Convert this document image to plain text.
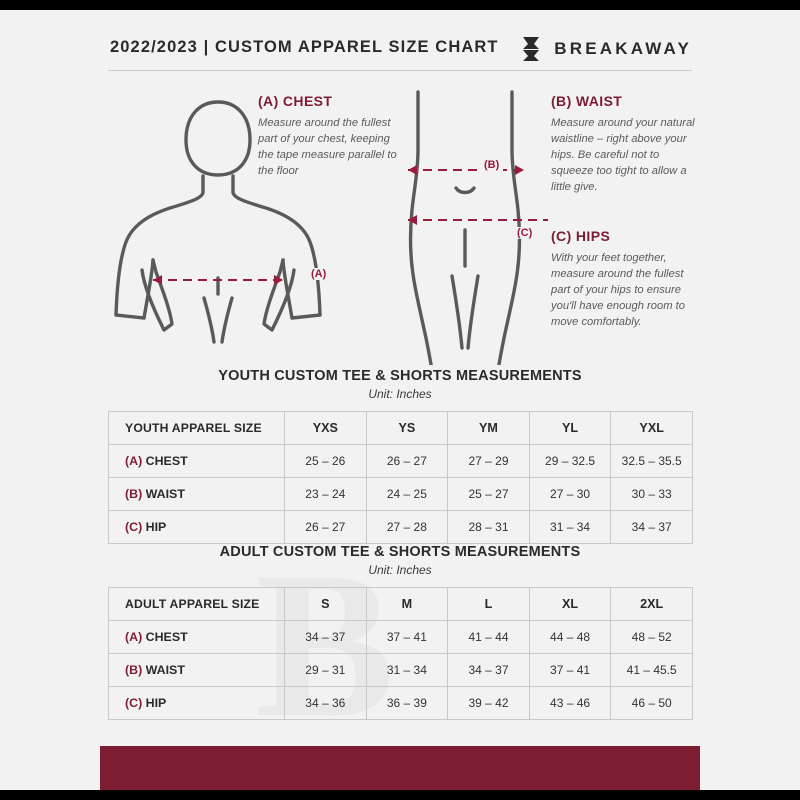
2022/2023 | CUSTOM APPAREL SIZE CHART	BREAKAWAY
(A)
(B)
(C)
(A) CHEST
Measure around the fullest part of your chest, keeping the tape measure parallel to the floor
(B) WAIST
Measure around your natural waistline – right above your hips. Be careful not to squeeze too tight to allow a little give.
(C) HIPS
With your feet together, measure around the fullest part of your hips to ensure you'll have enough room to move comfortably.
YOUTH CUSTOM TEE & SHORTS MEASUREMENTS
Unit: Inches
YOUTH APPAREL SIZE	YXS	YS	YM	YL	YXL
(A) CHEST	25 – 26	26 – 27	27 – 29	29 – 32.5	32.5 – 35.5
(B) WAIST	23 – 24	24 – 25	25 – 27	27 – 30	30 – 33
(C) HIP	26 – 27	27 – 28	28 – 31	31 – 34	34 – 37
ADULT CUSTOM TEE & SHORTS MEASUREMENTS
Unit: Inches
ADULT APPAREL SIZE	S	M	L	XL	2XL
(A) CHEST	34 – 37	37 – 41	41 – 44	44 – 48	48 – 52
(B) WAIST	29 – 31	31 – 34	34 – 37	37 – 41	41 – 45.5
(C) HIP	34 – 36	36 – 39	39 – 42	43 – 46	46 – 50
